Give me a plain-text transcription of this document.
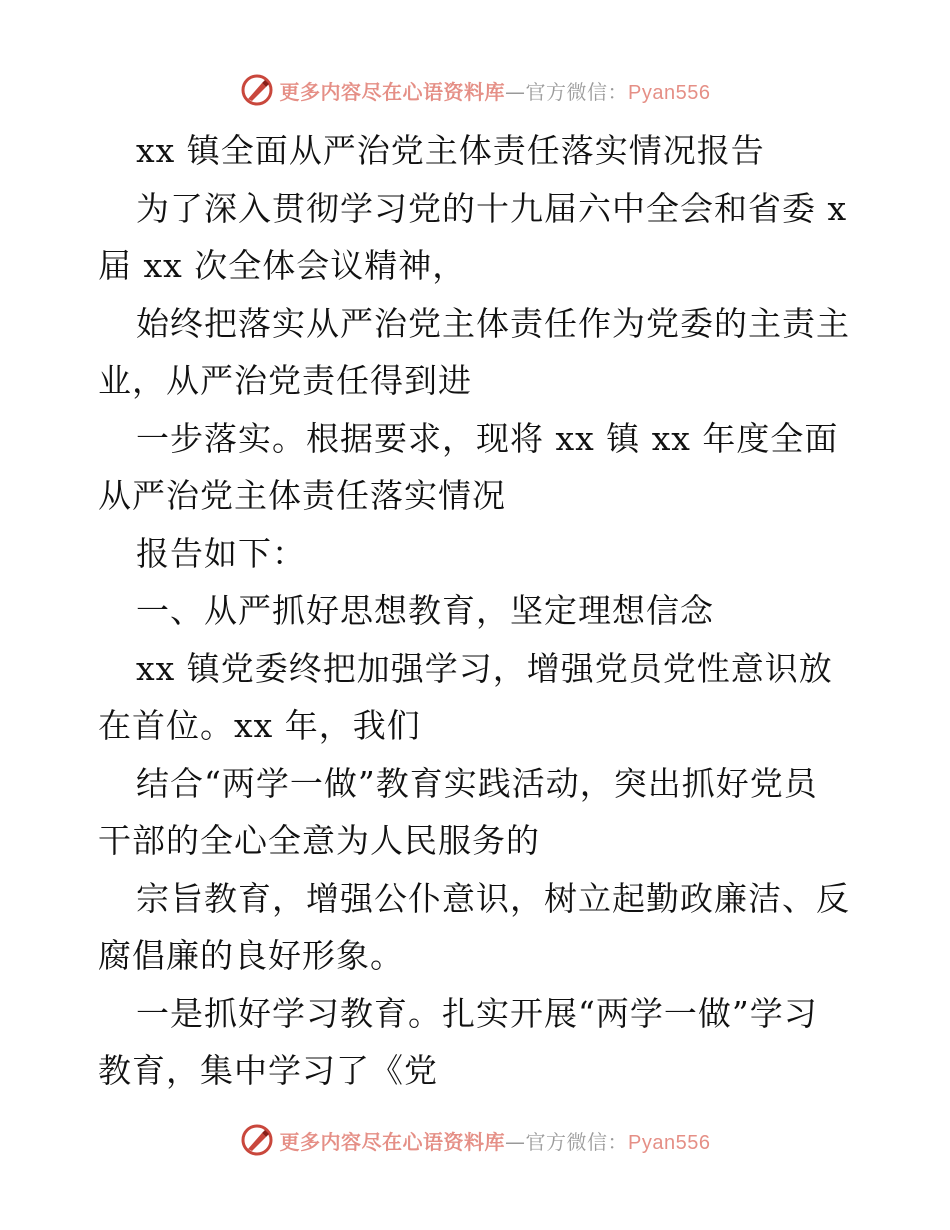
更多内容尽在心语资料库—官方微信：Pyan556
xx 镇全面从严治党主体责任落实情况报告
为了深入贯彻学习党的十九届六中全会和省委 x
届 xx 次全体会议精神，
始终把落实从严治党主体责任作为党委的主责主
业，从严治党责任得到进
一步落实。根据要求，现将 xx 镇 xx 年度全面
从严治党主体责任落实情况
报告如下：
一、从严抓好思想教育，坚定理想信念
xx 镇党委终把加强学习，增强党员党性意识放
在首位。xx 年，我们
结合“两学一做”教育实践活动，突出抓好党员
干部的全心全意为人民服务的
宗旨教育，增强公仆意识，树立起勤政廉洁、反
腐倡廉的良好形象。
一是抓好学习教育。扎实开展“两学一做”学习
教育，集中学习了《党
更多内容尽在心语资料库—官方微信：Pyan556
